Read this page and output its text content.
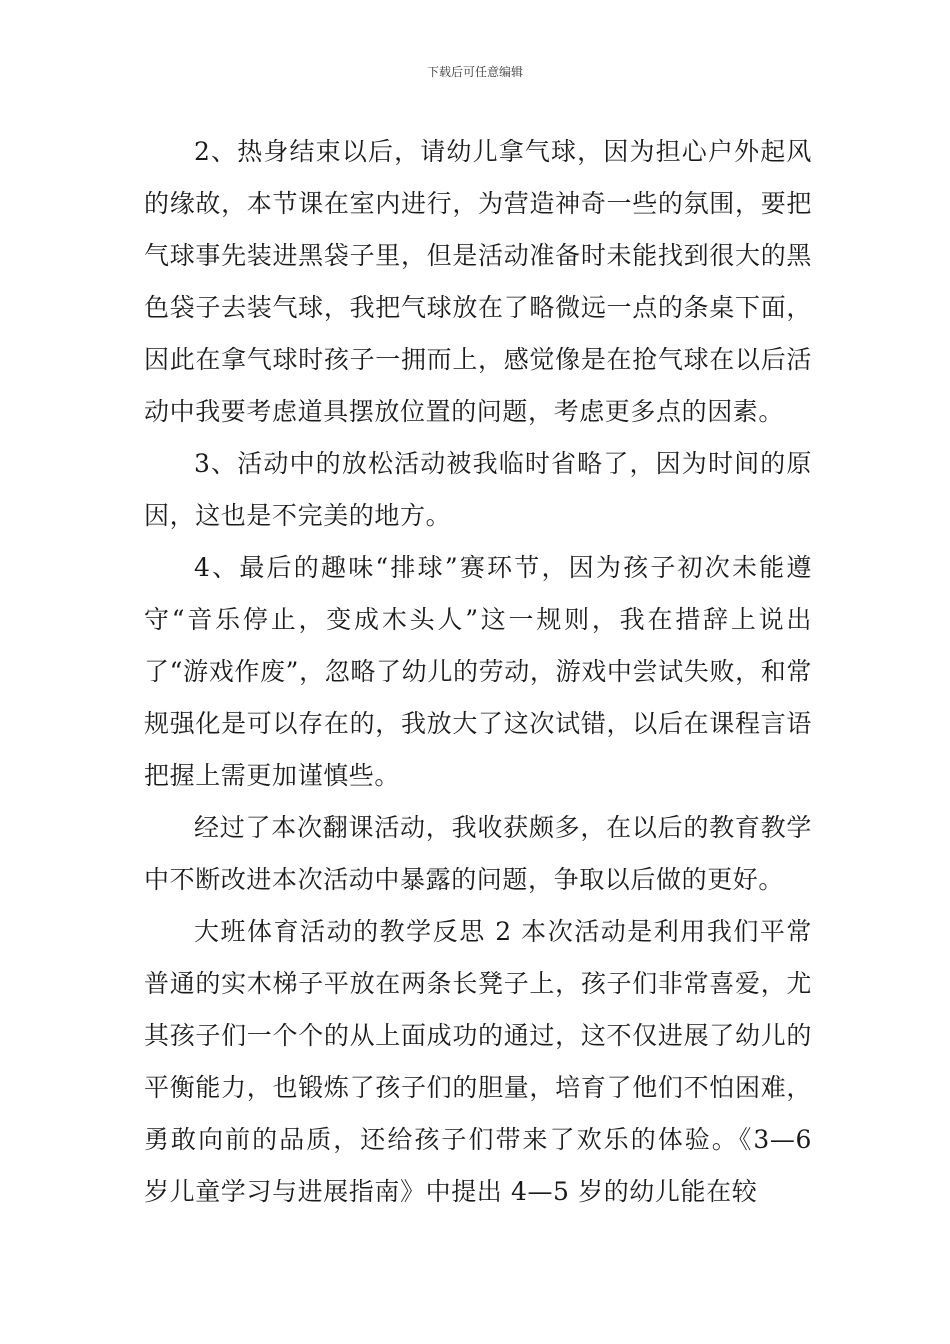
下载后可任意编辑

2、热身结束以后，请幼儿拿气球，因为担心户外起风的缘故，本节课在室内进行，为营造神奇一些的氛围，要把气球事先装进黑袋子里，但是活动准备时未能找到很大的黑色袋子去装气球，我把气球放在了略微远一点的条桌下面，因此在拿气球时孩子一拥而上，感觉像是在抢气球在以后活动中我要考虑道具摆放位置的问题，考虑更多点的因素。

3、活动中的放松活动被我临时省略了，因为时间的原因，这也是不完美的地方。

4、最后的趣味“排球”赛环节，因为孩子初次未能遵守“音乐停止，变成木头人”这一规则，我在措辞上说出了“游戏作废”，忽略了幼儿的劳动，游戏中尝试失败，和常规强化是可以存在的，我放大了这次试错，以后在课程言语把握上需更加谨慎些。

经过了本次翻课活动，我收获颇多，在以后的教育教学中不断改进本次活动中暴露的问题，争取以后做的更好。

大班体育活动的教学反思 2 本次活动是利用我们平常普通的实木梯子平放在两条长凳子上，孩子们非常喜爱，尤其孩子们一个个的从上面成功的通过，这不仅进展了幼儿的平衡能力，也锻炼了孩子们的胆量，培育了他们不怕困难，勇敢向前的品质，还给孩子们带来了欢乐的体验。《3—6 岁儿童学习与进展指南》中提出 4—5 岁的幼儿能在较
